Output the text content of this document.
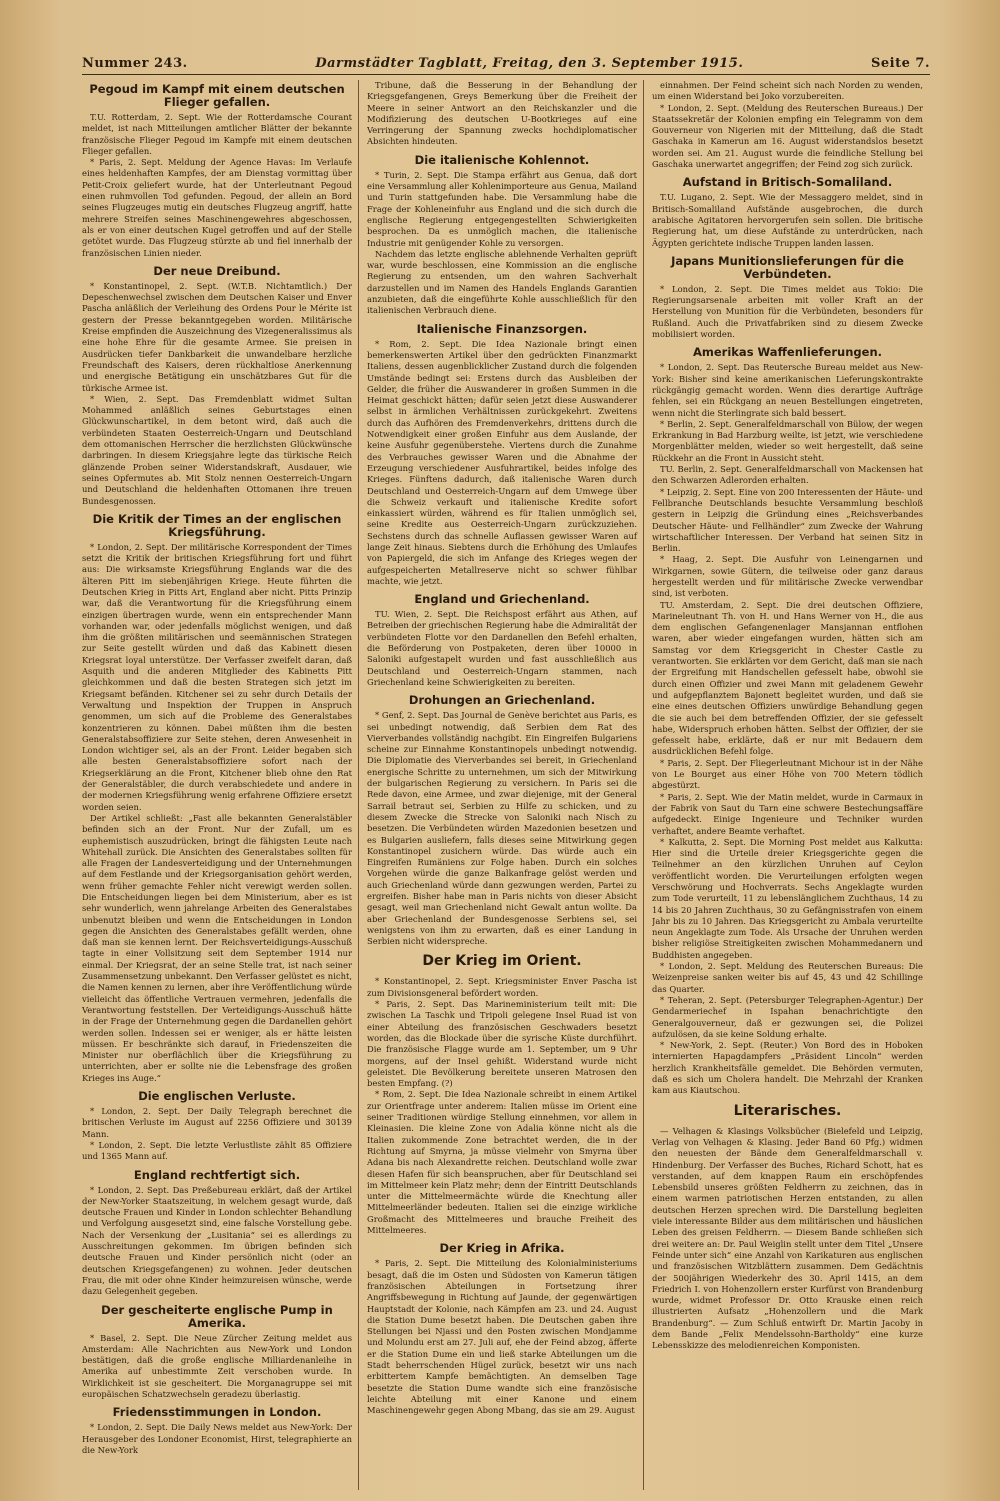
Nummer 243.	Darmstädter Tagblatt, Freitag, den 3. September 1915.	Seite 7.
Pegoud im Kampf mit einem deutschen Flieger gefallen.

T.U. Rotterdam, 2. Sept. Wie der Rotterdamsche Courant meldet, ist nach Mitteilungen amtlicher Blätter der bekannte französische Flieger Pegoud im Kampfe mit einem deutschen Flieger gefallen.

* Paris, 2. Sept. Meldung der Agence Havas: Im Verlaufe eines heldenhaften Kampfes, der am Dienstag vormittag über Petit-Croix geliefert wurde, hat der Unterleutnant Pegoud einen ruhmvollen Tod gefunden. Pegoud, der allein an Bord seines Flugzeuges mutig ein deutsches Flugzeug angriff, hatte mehrere Streifen seines Maschinengewehres abgeschossen, als er von einer deutschen Kugel getroffen und auf der Stelle getötet wurde. Das Flugzeug stürzte ab und fiel innerhalb der französischen Linien nieder.

Der neue Dreibund.

* Konstantinopel, 2. Sept. (W.T.B. Nichtamtlich.) Der Depeschenwechsel zwischen dem Deutschen Kaiser und Enver Pascha anläßlich der Verleihung des Ordens Pour le Mérite ist gestern der Presse bekanntgegeben worden. Militärische Kreise empfinden die Auszeichnung des Vizegeneralissimus als eine hohe Ehre für die gesamte Armee. Sie preisen in Ausdrücken tiefer Dankbarkeit die unwandelbare herzliche Freundschaft des Kaisers, deren rückhaltlose Anerkennung und energische Betätigung ein unschätzbares Gut für die türkische Armee ist.

* Wien, 2. Sept. Das Fremdenblatt widmet Sultan Mohammed anläßlich seines Geburtstages einen Glückwunschartikel, in dem betont wird, daß auch die verbündeten Staaten Oesterreich-Ungarn und Deutschland dem ottomanischen Herrscher die herzlichsten Glückwünsche darbringen. In diesem Kriegsjahre legte das türkische Reich glänzende Proben seiner Widerstandskraft, Ausdauer, wie seines Opfermutes ab. Mit Stolz nennen Oesterreich-Ungarn und Deutschland die heldenhaften Ottomanen ihre treuen Bundesgenossen.

Die Kritik der Times an der englischen Kriegsführung.

* London, 2. Sept. Der militärische Korrespondent der Times setzt die Kritik der britischen Kriegsführung fort und führt aus: Die wirksamste Kriegsführung Englands war die des älteren Pitt im siebenjährigen Kriege. Heute führten die Deutschen Krieg in Pitts Art, England aber nicht. Pitts Prinzip war, daß die Verantwortung für die Kriegsführung einem einzigen übertragen wurde, wenn ein entsprechender Mann vorhanden war, oder jedenfalls möglichst wenigen, und daß ihm die größten militärischen und seemännischen Strategen zur Seite gestellt würden und daß das Kabinett diesen Kriegsrat loyal unterstütze. Der Verfasser zweifelt daran, daß Asquith und die anderen Mitglieder des Kabinetts Pitt gleichkommen und daß die besten Strategen sich jetzt im Kriegsamt befänden. Kitchener sei zu sehr durch Details der Verwaltung und Inspektion der Truppen in Anspruch genommen, um sich auf die Probleme des Generalstabes konzentrieren zu können. Dabei müßten ihm die besten Generalstabsoffiziere zur Seite stehen, deren Anwesenheit in London wichtiger sei, als an der Front. Leider begaben sich alle besten Generalstabsoffiziere sofort nach der Kriegserklärung an die Front, Kitchener blieb ohne den Rat der Generalstäbler, die durch verabschiedete und andere in der modernen Kriegsführung wenig erfahrene Offiziere ersetzt worden seien.

Der Artikel schließt: „Fast alle bekannten Generalstäbler befinden sich an der Front. Nur der Zufall, um es euphemistisch auszudrücken, bringt die fähigsten Leute nach Whitehall zurück. Die Ansichten des Generalstabes sollten für alle Fragen der Landesverteidigung und der Unternehmungen auf dem Festlande und der Kriegsorganisation gehört werden, wenn früher gemachte Fehler nicht verewigt werden sollen. Die Entscheidungen liegen bei dem Ministerium, aber es ist sehr wunderlich, wenn jahrelange Arbeiten des Generalstabes unbenutzt bleiben und wenn die Entscheidungen in London gegen die Ansichten des Generalstabes gefällt werden, ohne daß man sie kennen lernt. Der Reichsverteidigungs-Ausschuß tagte in einer Vollsitzung seit dem September 1914 nur einmal. Der Kriegsrat, der an seine Stelle trat, ist nach seiner Zusammensetzung unbekannt. Den Verfasser gelüstet es nicht, die Namen kennen zu lernen, aber ihre Veröffentlichung würde vielleicht das öffentliche Vertrauen vermehren, jedenfalls die Verantwortung feststellen. Der Verteidigungs-Ausschuß hätte in der Frage der Unternehmung gegen die Dardanellen gehört werden sollen. Indessen sei er weniger, als er hätte leisten müssen. Er beschränkte sich darauf, in Friedenszeiten die Minister nur oberflächlich über die Kriegsführung zu unterrichten, aber er sollte nie die Lebensfrage des großen Krieges ins Auge.“

Die englischen Verluste.

* London, 2. Sept. Der Daily Telegraph berechnet die britischen Verluste im August auf 2256 Offiziere und 30139 Mann.

* London, 2. Sept. Die letzte Verlustliste zählt 85 Offiziere und 1365 Mann auf.

England rechtfertigt sich.

* London, 2. Sept. Das Preßebureau erklärt, daß der Artikel der New-Yorker Staatszeitung, in welchem gesagt wurde, daß deutsche Frauen und Kinder in London schlechter Behandlung und Verfolgung ausgesetzt sind, eine falsche Vorstellung gebe. Nach der Versenkung der „Lusitania“ sei es allerdings zu Ausschreitungen gekommen. Im übrigen befinden sich deutsche Frauen und Kinder persönlich nicht (oder an deutschen Kriegsgefangenen) zu wohnen. Jeder deutschen Frau, die mit oder ohne Kinder heimzureisen wünsche, werde dazu Gelegenheit gegeben.

Der gescheiterte englische Pump in Amerika.

* Basel, 2. Sept. Die Neue Zürcher Zeitung meldet aus Amsterdam: Alle Nachrichten aus New-York und London bestätigen, daß die große englische Milliardenanleihe in Amerika auf unbestimmte Zeit verschoben wurde. In Wirklichkeit ist sie gescheitert. Die Morganagruppe sei mit europäischen Schatzwechseln geradezu überlastig.

Friedensstimmungen in London.

* London, 2. Sept. Die Daily News meldet aus New-York: Der Herausgeber des Londoner Economist, Hirst, telegraphierte an die New-York

Tribune, daß die Besserung in der Behandlung der Kriegsgefangenen, Greys Bemerkung über die Freiheit der Meere in seiner Antwort an den Reichskanzler und die Modifizierung des deutschen U-Bootkrieges auf eine Verringerung der Spannung zwecks hochdiplomatischer Absichten hindeuten.

Die italienische Kohlennot.

* Turin, 2. Sept. Die Stampa erfährt aus Genua, daß dort eine Versammlung aller Kohlenimporteure aus Genua, Mailand und Turin stattgefunden habe. Die Versammlung habe die Frage der Kohleneinfuhr aus England und die sich durch die englische Regierung entgegengestellten Schwierigkeiten besprochen. Da es unmöglich machen, die italienische Industrie mit genügender Kohle zu versorgen.

Nachdem das letzte englische ablehnende Verhalten geprüft war, wurde beschlossen, eine Kommission an die englische Regierung zu entsenden, um den wahren Sachverhalt darzustellen und im Namen des Handels Englands Garantien anzubieten, daß die eingeführte Kohle ausschließlich für den italienischen Verbrauch diene.

Italienische Finanzsorgen.

* Rom, 2. Sept. Die Idea Nazionale bringt einen bemerkenswerten Artikel über den gedrückten Finanzmarkt Italiens, dessen augenblicklicher Zustand durch die folgenden Umstände bedingt sei: Erstens durch das Ausbleiben der Gelder, die früher die Auswanderer in großen Summen in die Heimat geschickt hätten; dafür seien jetzt diese Auswanderer selbst in ärmlichen Verhältnissen zurückgekehrt. Zweitens durch das Aufhören des Fremdenverkehrs, drittens durch die Notwendigkeit einer großen Einfuhr aus dem Auslande, der keine Ausfuhr gegenüberstehe. Viertens durch die Zunahme des Verbrauches gewisser Waren und die Abnahme der Erzeugung verschiedener Ausfuhrartikel, beides infolge des Krieges. Fünftens dadurch, daß italienische Waren durch Deutschland und Oesterreich-Ungarn auf dem Umwege über die Schweiz verkauft und italienische Kredite sofort einkassiert würden, während es für Italien unmöglich sei, seine Kredite aus Oesterreich-Ungarn zurückzuziehen. Sechstens durch das schnelle Auflassen gewisser Waren auf lange Zeit hinaus. Siebtens durch die Erhöhung des Umlaufes von Papiergeld, die sich im Anfange des Krieges wegen der aufgespeicherten Metallreserve nicht so schwer fühlbar machte, wie jetzt.

England und Griechenland.

TU. Wien, 2. Sept. Die Reichspost erfährt aus Athen, auf Betreiben der griechischen Regierung habe die Admiralität der verbündeten Flotte vor den Dardanellen den Befehl erhalten, die Beförderung von Postpaketen, deren über 10000 in Saloniki aufgestapelt wurden und fast ausschließlich aus Deutschland und Oesterreich-Ungarn stammen, nach Griechenland keine Schwierigkeiten zu bereiten.

Drohungen an Griechenland.

* Genf, 2. Sept. Das Journal de Genève berichtet aus Paris, es sei unbedingt notwendig, daß Serbien dem Rat des Vierverbandes vollständig nachgibt. Ein Eingreifen Bulgariens scheine zur Einnahme Konstantinopels unbedingt notwendig. Die Diplomatie des Vierverbandes sei bereit, in Griechenland energische Schritte zu unternehmen, um sich der Mitwirkung der bulgarischen Regierung zu versichern. In Paris sei die Rede davon, eine Armee, und zwar diejenige, mit der General Sarrail betraut sei, Serbien zu Hilfe zu schicken, und zu diesem Zwecke die Strecke von Saloniki nach Nisch zu besetzen. Die Verbündeten würden Mazedonien besetzen und es Bulgarien ausliefern, falls dieses seine Mitwirkung gegen Konstantinopel zusichern würde. Das würde auch ein Eingreifen Rumäniens zur Folge haben. Durch ein solches Vorgehen würde die ganze Balkanfrage gelöst werden und auch Griechenland würde dann gezwungen werden, Partei zu ergreifen. Bisher habe man in Paris nichts von dieser Absicht gesagt, weil man Griechenland nicht Gewalt antun wollte. Da aber Griechenland der Bundesgenosse Serbiens sei, sei wenigstens von ihm zu erwarten, daß es einer Landung in Serbien nicht widerspreche.

Der Krieg im Orient.

* Konstantinopel, 2. Sept. Kriegsminister Enver Pascha ist zum Divisionsgeneral befördert worden.

* Paris, 2. Sept. Das Marineministerium teilt mit: Die zwischen La Taschk und Tripoli gelegene Insel Ruad ist von einer Abteilung des französischen Geschwaders besetzt worden, das die Blockade über die syrische Küste durchführt. Die französische Flagge wurde am 1. September, um 9 Uhr morgens, auf der Insel gehißt. Widerstand wurde nicht geleistet. Die Bevölkerung bereitete unseren Matrosen den besten Empfang. (?)

* Rom, 2. Sept. Die Idea Nazionale schreibt in einem Artikel zur Orientfrage unter anderem: Italien müsse im Orient eine seiner Traditionen würdige Stellung einnehmen, vor allem in Kleinasien. Die kleine Zone von Adalia könne nicht als die Italien zukommende Zone betrachtet werden, die in der Richtung auf Smyrna, ja müsse vielmehr von Smyrna über Adana bis nach Alexandrette reichen. Deutschland wolle zwar diesen Hafen für sich beanspruchen, aber für Deutschland sei im Mittelmeer kein Platz mehr; denn der Eintritt Deutschlands unter die Mittelmeermächte würde die Knechtung aller Mittelmeerländer bedeuten. Italien sei die einzige wirkliche Großmacht des Mittelmeeres und brauche Freiheit des Mittelmeeres.

Der Krieg in Afrika.

* Paris, 2. Sept. Die Mitteilung des Kolonialministeriums besagt, daß die im Osten und Südosten von Kamerun tätigen französischen Abteilungen in Fortsetzung ihrer Angriffsbewegung in Richtung auf Jaunde, der gegenwärtigen Hauptstadt der Kolonie, nach Kämpfen am 23. und 24. August die Station Dume besetzt haben. Die Deutschen gaben ihre Stellungen bei Njassi und den Posten zwischen Mondjamme und Molundu erst am 27. Juli auf, ehe der Feind abzog, äfferte er die Station Dume ein und ließ starke Abteilungen um die Stadt beherrschenden Hügel zurück, besetzt wir uns nach erbittertem Kampfe bemächtigten. An demselben Tage besetzte die Station Dume wandte sich eine französische leichte Abteilung mit einer Kanone und einem Maschinengewehr gegen Abong Mbang, das sie am 29. August

einnahmen. Der Feind scheint sich nach Norden zu wenden, um einen Widerstand bei Joko vorzubereiten.

* London, 2. Sept. (Meldung des Reuterschen Bureaus.) Der Staatssekretär der Kolonien empfing ein Telegramm von dem Gouverneur von Nigerien mit der Mitteilung, daß die Stadt Gaschaka in Kamerun am 16. August widerstandslos besetzt worden sei. Am 21. August wurde die feindliche Stellung bei Gaschaka unerwartet angegriffen; der Feind zog sich zurück.

Aufstand in Britisch-Somaliland.

T.U. Lugano, 2. Sept. Wie der Messaggero meldet, sind in Britisch-Somaliland Aufstände ausgebrochen, die durch arabische Agitatoren hervorgerufen sein sollen. Die britische Regierung hat, um diese Aufstände zu unterdrücken, nach Ägypten gerichtete indische Truppen landen lassen.

Japans Munitionslieferungen für die Verbündeten.

* London, 2. Sept. Die Times meldet aus Tokio: Die Regierungsarsenale arbeiten mit voller Kraft an der Herstellung von Munition für die Verbündeten, besonders für Rußland. Auch die Privatfabriken sind zu diesem Zwecke mobilisiert worden.

Amerikas Waffenlieferungen.

* London, 2. Sept. Das Reutersche Bureau meldet aus New-York: Bisher sind keine amerikanischen Lieferungskontrakte rückgängig gemacht worden. Wenn dies derartige Aufträge fehlen, sei ein Rückgang an neuen Bestellungen eingetreten, wenn nicht die Sterlingrate sich bald bessert.

* Berlin, 2. Sept. Generalfeldmarschall von Bülow, der wegen Erkrankung in Bad Harzburg weilte, ist jetzt, wie verschiedene Morgenblätter melden, wieder so weit hergestellt, daß seine Rückkehr an die Front in Aussicht steht.

TU. Berlin, 2. Sept. Generalfeldmarschall von Mackensen hat den Schwarzen Adlerorden erhalten.

* Leipzig, 2. Sept. Eine von 200 Interessenten der Häute- und Fellbranche Deutschlands besuchte Versammlung beschloß gestern in Leipzig die Gründung eines „Reichsverbandes Deutscher Häute- und Fellhändler“ zum Zwecke der Wahrung wirtschaftlicher Interessen. Der Verband hat seinen Sitz in Berlin.

* Haag, 2. Sept. Die Ausfuhr von Leinengarnen und Wirkgarnen, sowie Gütern, die teilweise oder ganz daraus hergestellt werden und für militärische Zwecke verwendbar sind, ist verboten.

TU. Amsterdam, 2. Sept. Die drei deutschen Offiziere, Marineleutnant Th. von H. und Hans Werner von H., die aus dem englischen Gefangenenlager Mansjannan entflohen waren, aber wieder eingefangen wurden, hätten sich am Samstag vor dem Kriegsgericht in Chester Castle zu verantworten. Sie erklärten vor dem Gericht, daß man sie nach der Ergreifung mit Handschellen gefesselt habe, obwohl sie durch einen Offizier und zwei Mann mit geladenem Gewehr und aufgepflanztem Bajonett begleitet wurden, und daß sie eine eines deutschen Offiziers unwürdige Behandlung gegen die sie auch bei dem betreffenden Offizier, der sie gefesselt habe, Widerspruch erhoben hätten. Selbst der Offizier, der sie gefesselt habe, erklärte, daß er nur mit Bedauern dem ausdrücklichen Befehl folge.

* Paris, 2. Sept. Der Fliegerleutnant Michour ist in der Nähe von Le Bourget aus einer Höhe von 700 Metern tödlich abgestürzt.

* Paris, 2. Sept. Wie der Matin meldet, wurde in Carmaux in der Fabrik von Saut du Tarn eine schwere Bestechungsaffäre aufgedeckt. Einige Ingenieure und Techniker wurden verhaftet, andere Beamte verhaftet.

* Kalkutta, 2. Sept. Die Morning Post meldet aus Kalkutta: Hier sind die Urteile dreier Kriegsgerichte gegen die Teilnehmer an den kürzlichen Unruhen auf Ceylon veröffentlicht worden. Die Verurteilungen erfolgten wegen Verschwörung und Hochverrats. Sechs Angeklagte wurden zum Tode verurteilt, 11 zu lebenslänglichem Zuchthaus, 14 zu 14 bis 20 Jahren Zuchthaus, 30 zu Gefängnisstrafen von einem Jahr bis zu 10 Jahren. Das Kriegsgericht zu Ambala verurteilte neun Angeklagte zum Tode. Als Ursache der Unruhen werden bisher religiöse Streitigkeiten zwischen Mohammedanern und Buddhisten angegeben.

* London, 2. Sept. Meldung des Reuterschen Bureaus: Die Weizenpreise sanken weiter bis auf 45, 43 und 42 Schillinge das Quarter.

* Teheran, 2. Sept. (Petersburger Telegraphen-Agentur.) Der Gendarmeriechef in Ispahan benachrichtigte den Generalgouverneur, daß er gezwungen sei, die Polizei aufzulösen, da sie keine Soldung erhalte.

* New-York, 2. Sept. (Reuter.) Von Bord des in Hoboken internierten Hapagdampfers „Präsident Lincoln“ werden herzlich Krankheitsfälle gemeldet. Die Behörden vermuten, daß es sich um Cholera handelt. Die Mehrzahl der Kranken kam aus Kiautschou.

Literarisches.

— Velhagen & Klasings Volksbücher (Bielefeld und Leipzig, Verlag von Velhagen & Klasing. Jeder Band 60 Pfg.) widmen den neuesten der Bände dem Generalfeldmarschall v. Hindenburg. Der Verfasser des Buches, Richard Schott, hat es verstanden, auf dem knappen Raum ein erschöpfendes Lebensbild unseres größten Feldherrn zu zeichnen, das in einem warmen patriotischen Herzen entstanden, zu allen deutschen Herzen sprechen wird. Die Darstellung begleiten viele interessante Bilder aus dem militärischen und häuslichen Leben des greisen Feldherrn. — Diesem Bande schließen sich drei weitere an: Dr. Paul Weiglin stellt unter dem Titel „Unsere Feinde unter sich“ eine Anzahl von Karikaturen aus englischen und französischen Witzblättern zusammen. Dem Gedächtnis der 500jährigen Wiederkehr des 30. April 1415, an dem Friedrich I. von Hohenzollern erster Kurfürst von Brandenburg wurde, widmet Professor Dr. Otto Krauske einen reich illustrierten Aufsatz „Hohenzollern und die Mark Brandenburg“. — Zum Schluß entwirft Dr. Martin Jacoby in dem Bande „Felix Mendelssohn-Bartholdy“ eine kurze Lebensskizze des melodienreichen Komponisten.
